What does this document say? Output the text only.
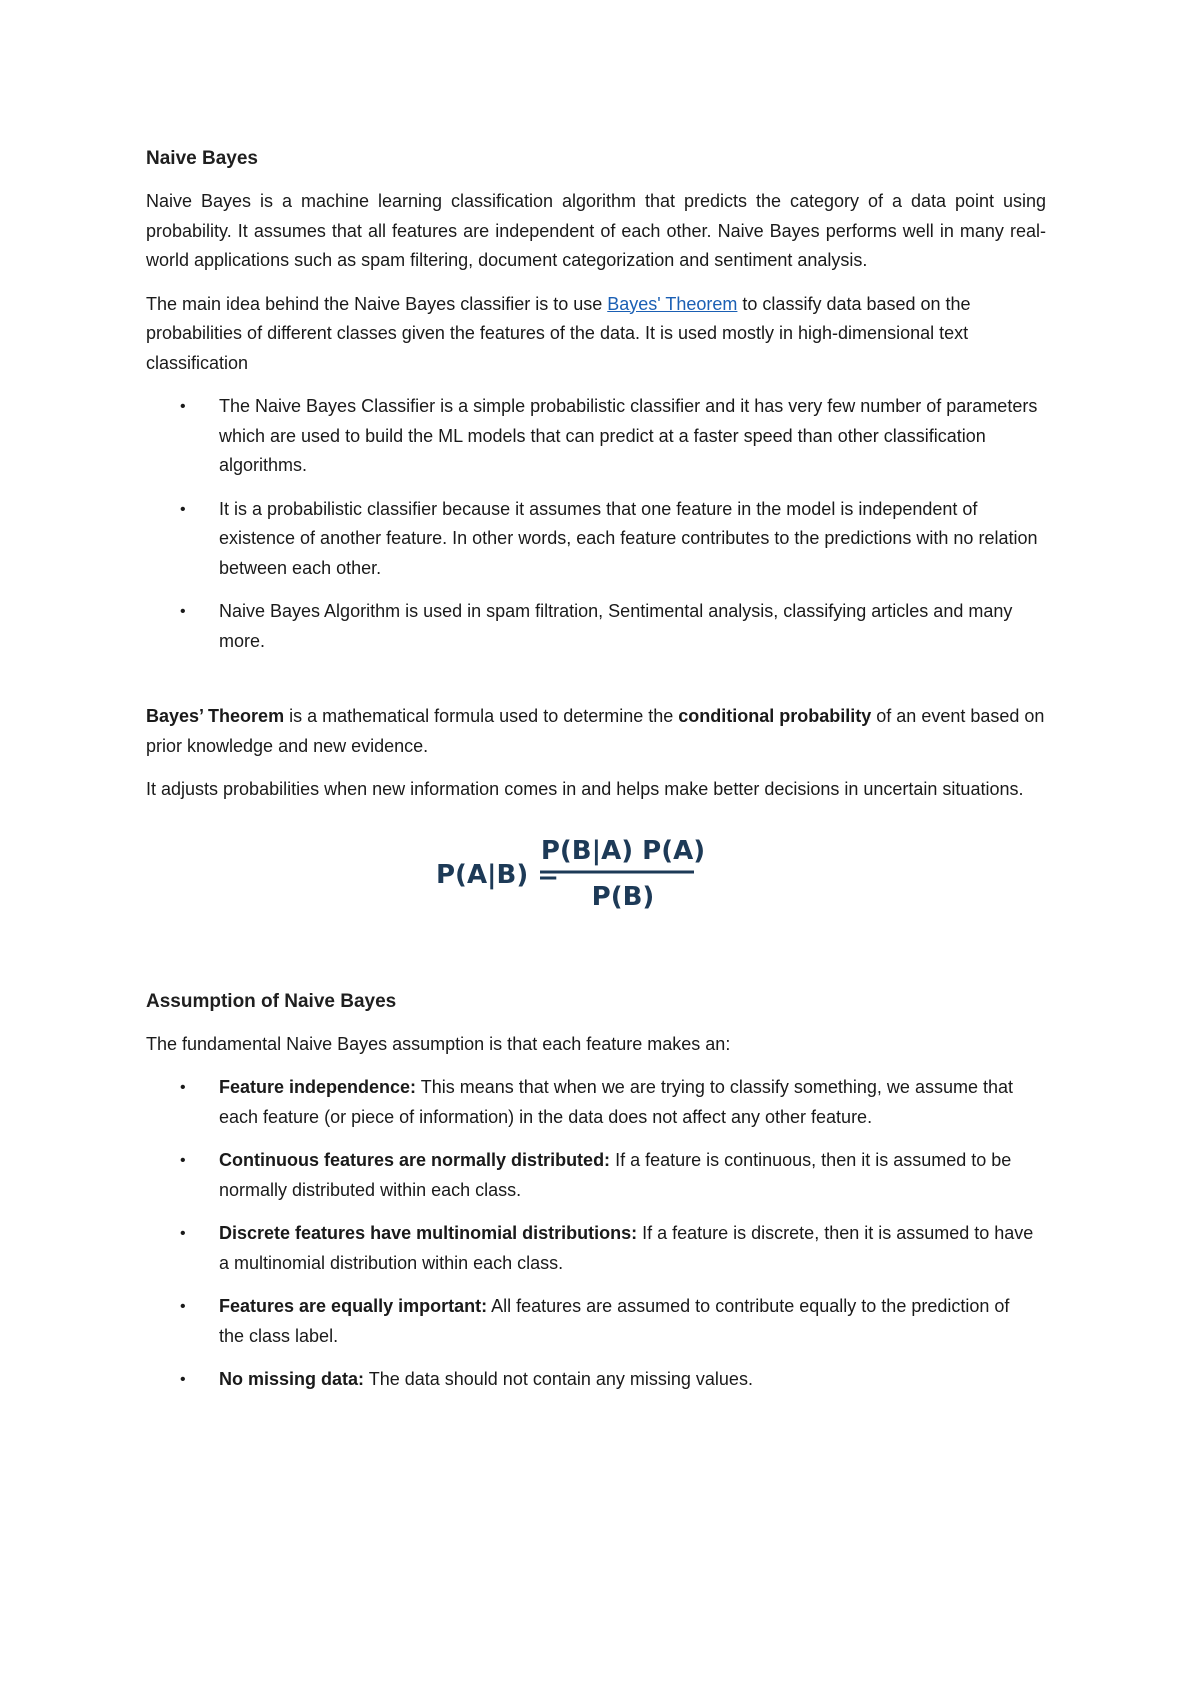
Naive Bayes

Naive Bayes is a machine learning classification algorithm that predicts the category of a data point using probability. It assumes that all features are independent of each other. Naive Bayes performs well in many real-world applications such as spam filtering, document categorization and sentiment analysis.

The main idea behind the Naive Bayes classifier is to use Bayes' Theorem to classify data based on the probabilities of different classes given the features of the data. It is used mostly in high-dimensional text classification

• The Naive Bayes Classifier is a simple probabilistic classifier and it has very few number of parameters which are used to build the ML models that can predict at a faster speed than other classification algorithms.
• It is a probabilistic classifier because it assumes that one feature in the model is independent of existence of another feature. In other words, each feature contributes to the predictions with no relation between each other.
• Naive Bayes Algorithm is used in spam filtration, Sentimental analysis, classifying articles and many more.

Bayes’ Theorem is a mathematical formula used to determine the conditional probability of an event based on prior knowledge and new evidence.

It adjusts probabilities when new information comes in and helps make better decisions in uncertain situations.

P(A|B) =
P(B|A) P(A)
P(B)
Assumption of Naive Bayes

The fundamental Naive Bayes assumption is that each feature makes an:

• Feature independence: This means that when we are trying to classify something, we assume that each feature (or piece of information) in the data does not affect any other feature.
• Continuous features are normally distributed: If a feature is continuous, then it is assumed to be normally distributed within each class.
• Discrete features have multinomial distributions: If a feature is discrete, then it is assumed to have a multinomial distribution within each class.
• Features are equally important: All features are assumed to contribute equally to the prediction of the class label.
• No missing data: The data should not contain any missing values.
